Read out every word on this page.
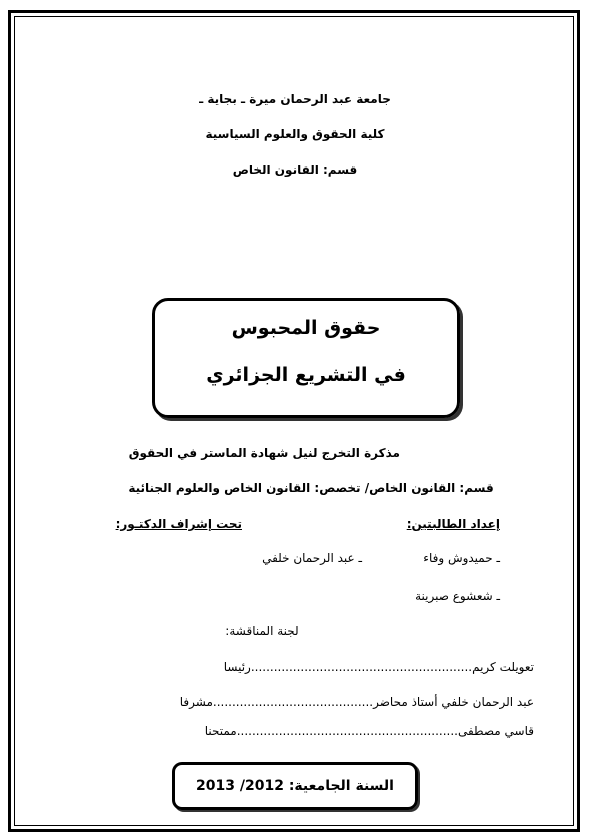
جامعة عبد الرحمان ميرة ـ بجاية ـ
كلية الحقوق والعلوم السياسية
قسم: القانون الخاص
حقوق المحبوس
في التشريع الجزائري
مذكرة التخرج لنيل شهادة الماستر في الحقوق
قسم: القانون الخاص/ تخصص: القانون الخاص والعلوم الجنائية
إعداد الطالبتين:
تحت إشراف الدكتـور:
ـ حميدوش وفاء
ـ عبد الرحمان خلفي
ـ شعشوع صبرينة
لجنة المناقشة:
تعويلت كريم..........................................................رئيسا
عبد الرحمان خلفي أستاذ محاضر..........................................مشرفا
قاسي مصطفى..........................................................ممتحنا
السنة الجامعية: 2012/ 2013
